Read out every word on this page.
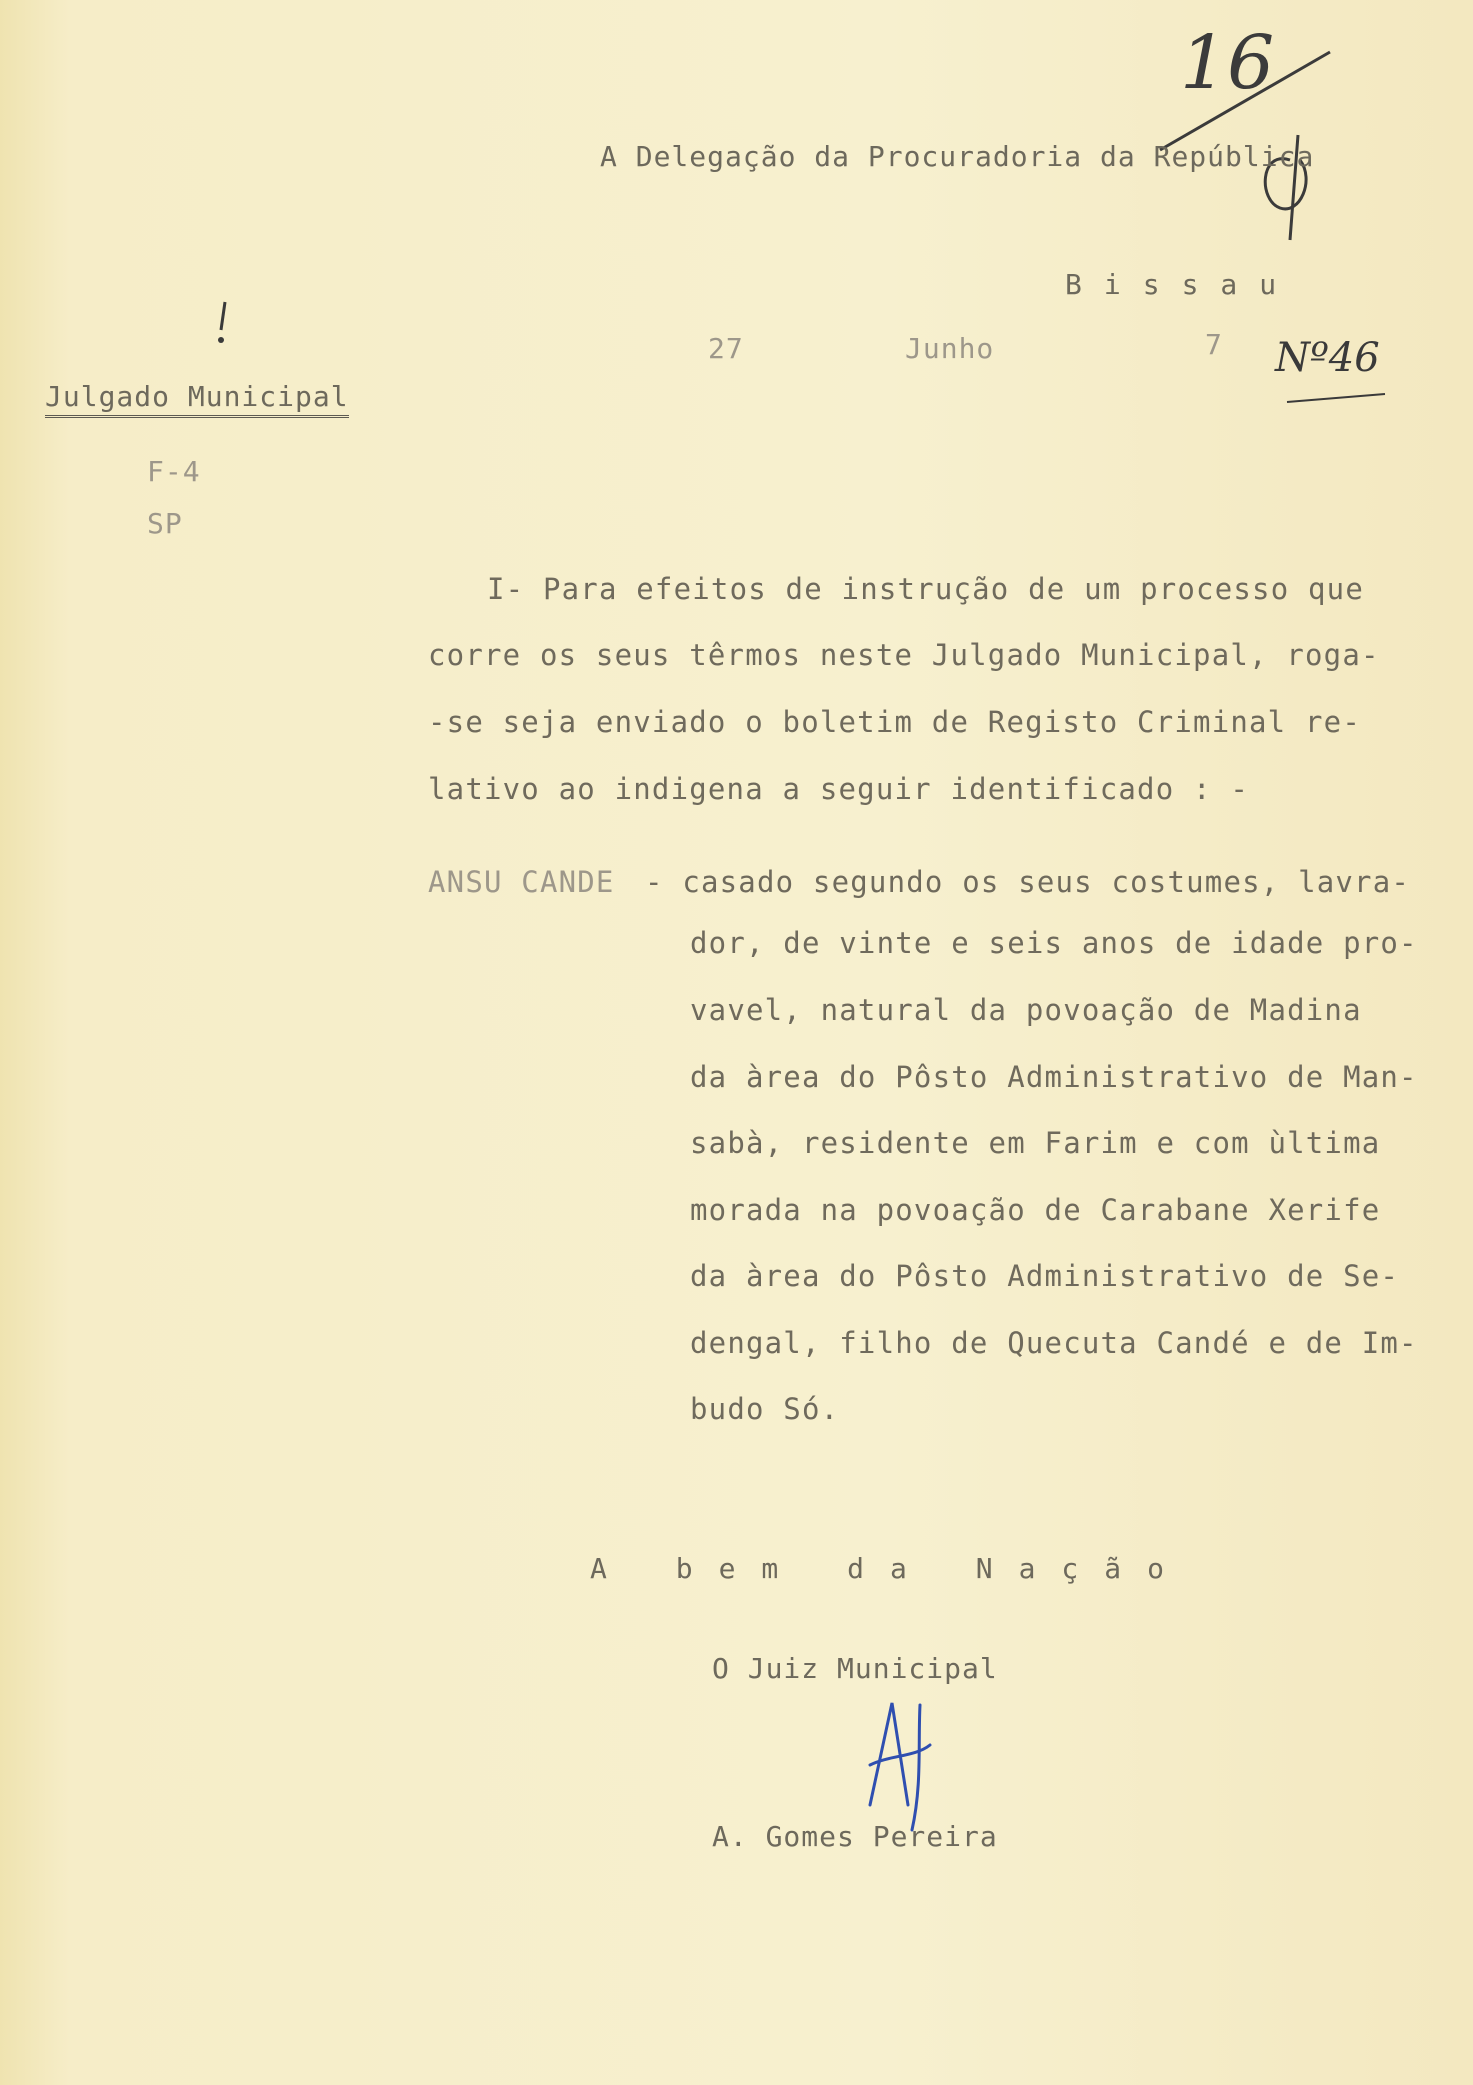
16
A Delegação da Procuradoria da República
Bissau
27	Junho	7 Nº46
Julgado Municipal
F-4
SP
I- Para efeitos de instrução de um processo que
corre os seus têrmos neste Julgado Municipal, roga-
-se seja enviado o boletim de Registo Criminal re-
lativo ao indigena a seguir identificado : -
ANSU CANDE - casado segundo os seus costumes, lavra-
dor, de vinte e seis anos de idade pro-
vavel, natural da povoação de Madina
da àrea do Pôsto Administrativo de Man-
sabà, residente em Farim e com ùltima
morada na povoação de Carabane Xerife
da àrea do Pôsto Administrativo de Se-
dengal, filho de Quecuta Candé e de Im-
budo Só.
A bem da Nação
O Juiz Municipal
A. Gomes Pereira
